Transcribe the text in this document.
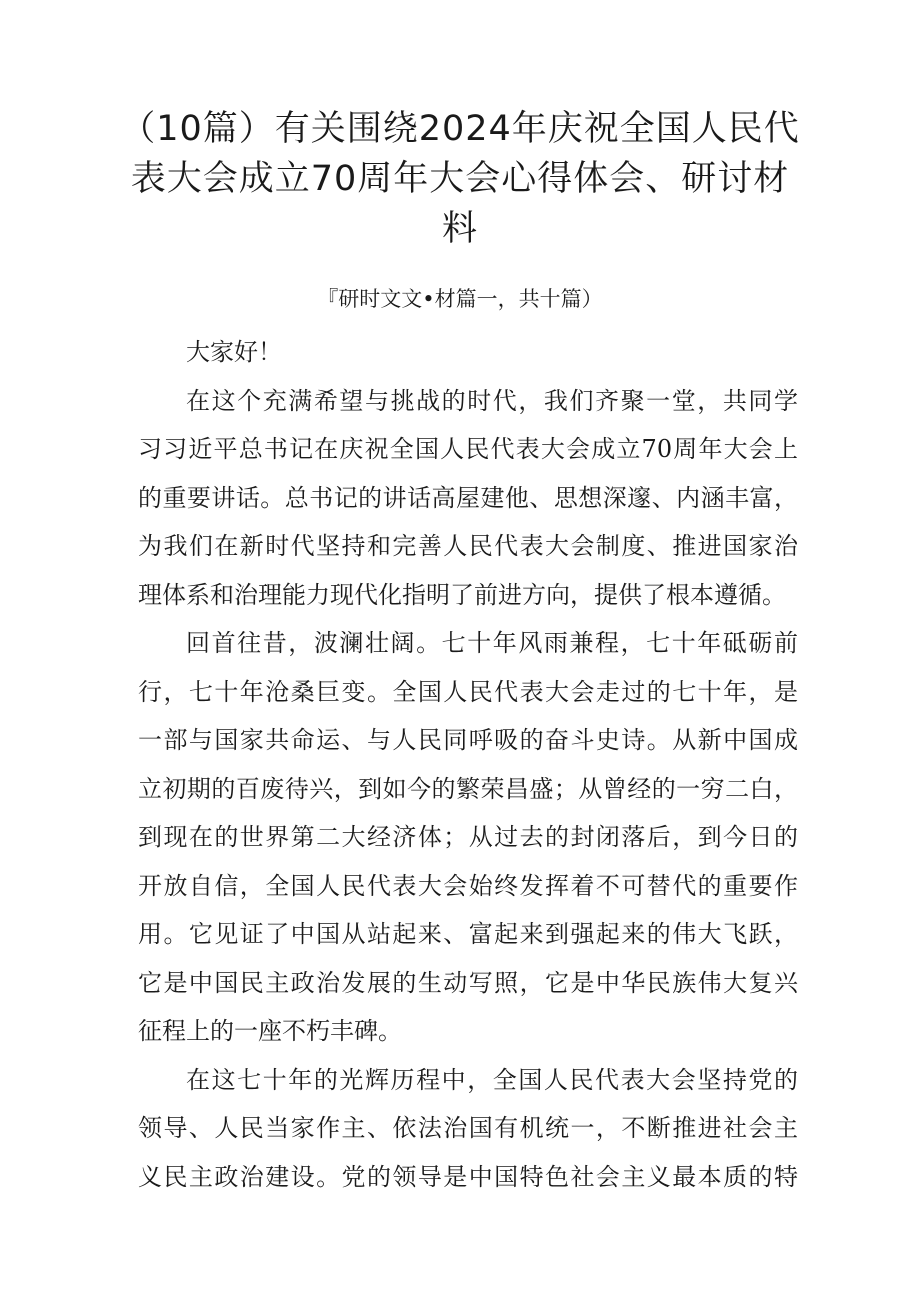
（10篇）有关围绕2024年庆祝全国人民代
表大会成立70周年大会心得体会、研讨材
料
『研时文文•材篇一，共十篇）
大家好！
在这个充满希望与挑战的时代，我们齐聚一堂，共同学
习习近平总书记在庆祝全国人民代表大会成立70周年大会上
的重要讲话。总书记的讲话高屋建他、思想深邃、内涵丰富，
为我们在新时代坚持和完善人民代表大会制度、推进国家治
理体系和治理能力现代化指明了前进方向，提供了根本遵循。
回首往昔，波澜壮阔。七十年风雨兼程，七十年砥砺前
行，七十年沧桑巨变。全国人民代表大会走过的七十年，是
一部与国家共命运、与人民同呼吸的奋斗史诗。从新中国成
立初期的百废待兴，到如今的繁荣昌盛；从曾经的一穷二白，
到现在的世界第二大经济体；从过去的封闭落后，到今日的
开放自信，全国人民代表大会始终发挥着不可替代的重要作
用。它见证了中国从站起来、富起来到强起来的伟大飞跃，
它是中国民主政治发展的生动写照，它是中华民族伟大复兴
征程上的一座不朽丰碑。
在这七十年的光辉历程中，全国人民代表大会坚持党的
领导、人民当家作主、依法治国有机统一，不断推进社会主
义民主政治建设。党的领导是中国特色社会主义最本质的特
